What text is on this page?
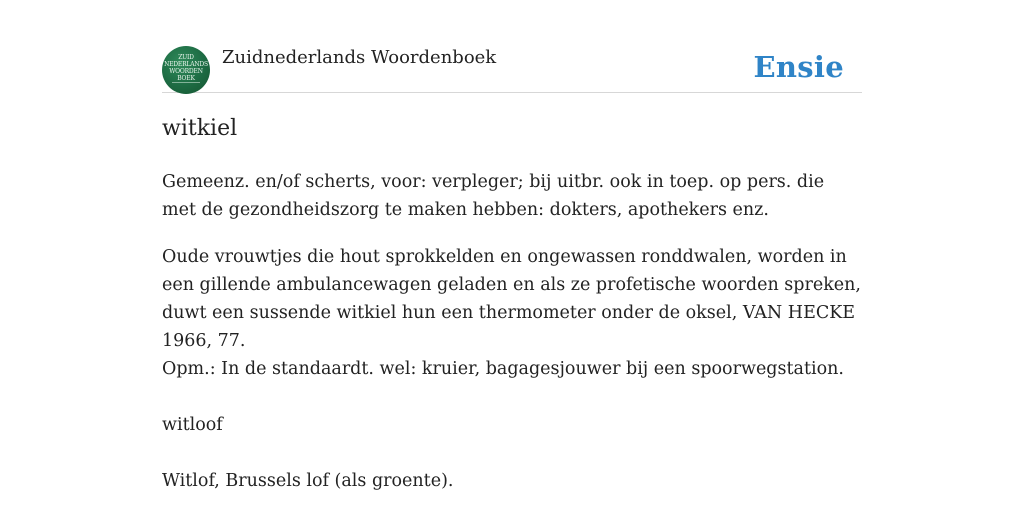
ZUID
NEDERLANDS
WOORDEN
BOEK
Zuidnederlands Woordenboek	Ensie
witkiel

Gemeenz. en/of scherts, voor: verpleger; bij uitbr. ook in toep. op pers. die met de gezondheidszorg te maken hebben: dokters, apothekers enz.

Oude vrouwtjes die hout sprokkelden en ongewassen ronddwalen, worden in een gillende ambulancewagen geladen en als ze profetische woorden spreken, duwt een sussende witkiel hun een thermometer onder de oksel, VAN HECKE 1966, 77.

Opm.: In de standaardt. wel: kruier, bagagesjouwer bij een spoorwegstation.

witloof

Witlof, Brussels lof (als groente).
